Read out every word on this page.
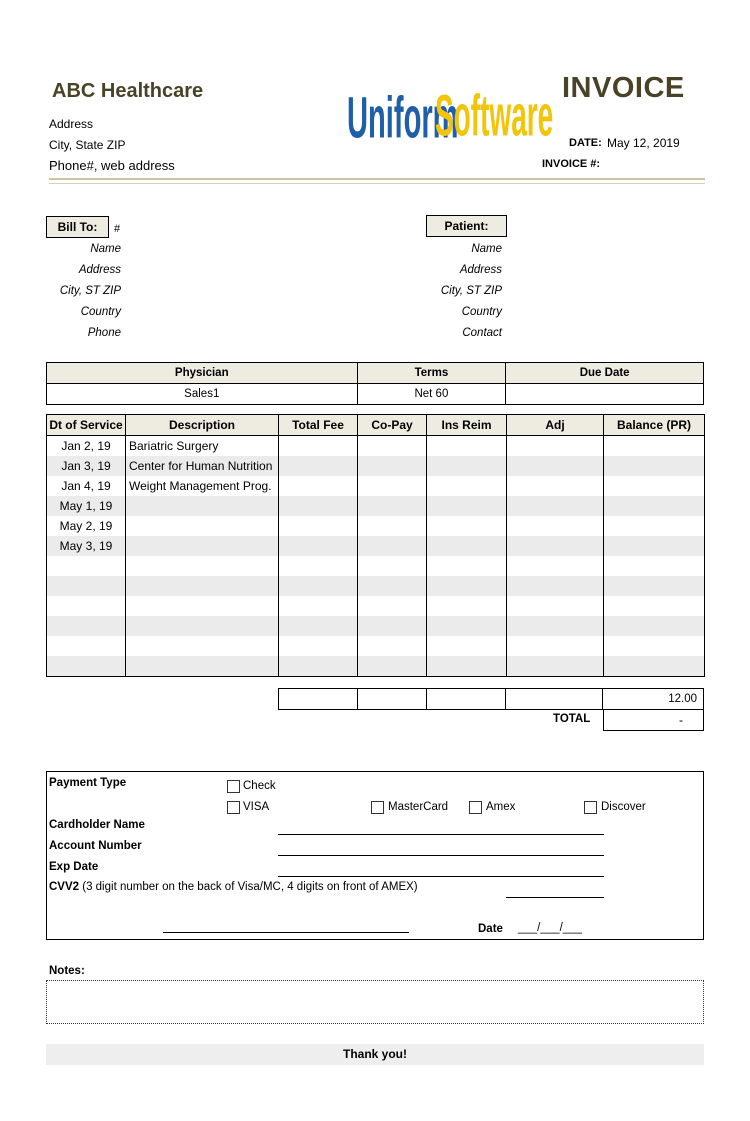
ABC Healthcare
Address
City, State ZIP
Phone#, web address
Uniform
Software INVOICE
DATE: May 12, 2019
INVOICE #:
Bill To:	#
Name
Address
City, ST ZIP
Country
Phone
Patient:
Name
Address
City, ST ZIP
Country
Contact
Physician	Terms	Due Date
Sales1	Net 60	
Dt of Service	Description	Total Fee	Co-Pay	Ins Reim	Adj	Balance (PR)
Jan 2, 19	Bariatric Surgery					
Jan 3, 19	Center for Human Nutrition					
Jan 4, 19	Weight Management Prog.					
May 1, 19						
May 2, 19						
May 3, 19						

				12.00
TOTAL	-
Payment Type	Check
VISA	MasterCard	Amex	Discover
Cardholder Name
Account Number
Exp Date
CVV2 (3 digit number on the back of Visa/MC, 4 digits on front of AMEX)
Date ___/___/___
Notes:
Thank you!
